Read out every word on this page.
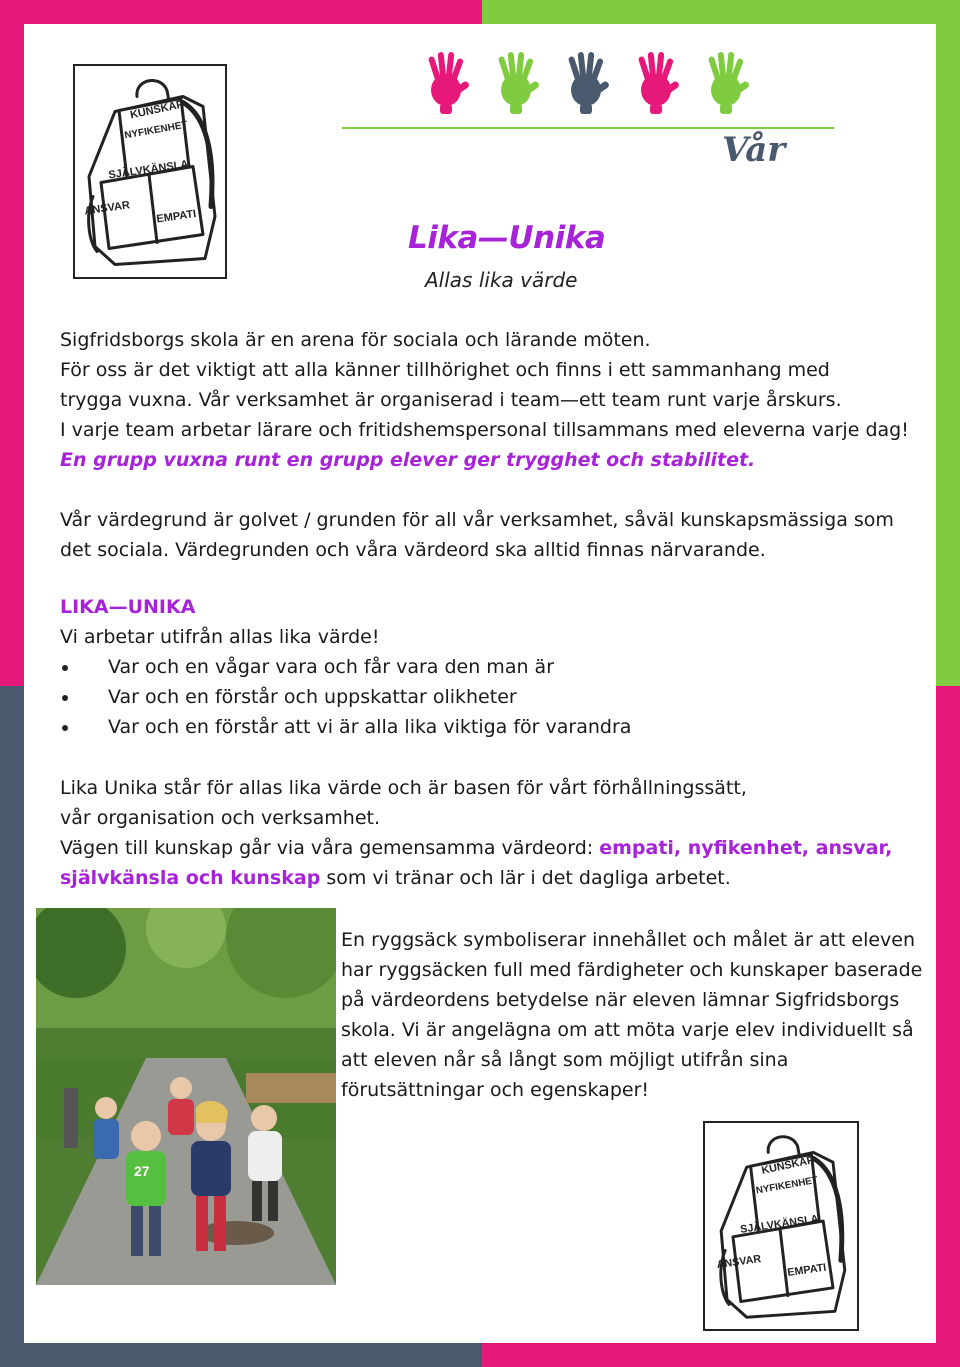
KUNSKAP
NYFIKENHET
SJÄLVKÄNSLA
ANSVAR EMPATI
Vår
Lika—Unika
Allas lika värde

Sigfridsborgs skola är en arena för sociala och lärande möten.

För oss är det viktigt att alla känner tillhörighet och finns i ett sammanhang med trygga vuxna. Vår verksamhet är organiserad i team—ett team runt varje årskurs.

I varje team arbetar lärare och fritidshemspersonal tillsammans med eleverna varje dag!

En grupp vuxna runt en grupp elever ger trygghet och stabilitet.

Vår värdegrund är golvet / grunden för all vår verksamhet, såväl kunskapsmässiga som det sociala. Värdegrunden och våra värdeord ska alltid finnas närvarande.

LIKA—UNIKA

Vi arbetar utifrån allas lika värde!

Var och en vågar vara och får vara den man är
Var och en förstår och uppskattar olikheter
Var och en förstår att vi är alla lika viktiga för varandra

Lika Unika står för allas lika värde och är basen för vårt förhållningssätt, vår organisation och verksamhet.

Vägen till kunskap går via våra gemensamma värdeord: empati, nyfikenhet, ansvar, självkänsla och kunskap som vi tränar och lär i det dagliga arbetet.

27
En ryggsäck symboliserar innehållet och målet är att eleven har ryggsäcken full med färdigheter och kunskaper baserade på värdeordens betydelse när eleven lämnar Sigfridsborgs skola. Vi är angelägna om att möta varje elev individuellt så att eleven når så långt som möjligt utifrån sina förutsättningar och egenskaper!
KUNSKAP
NYFIKENHET
SJÄLVKÄNSLA
ANSVAR EMPATI
